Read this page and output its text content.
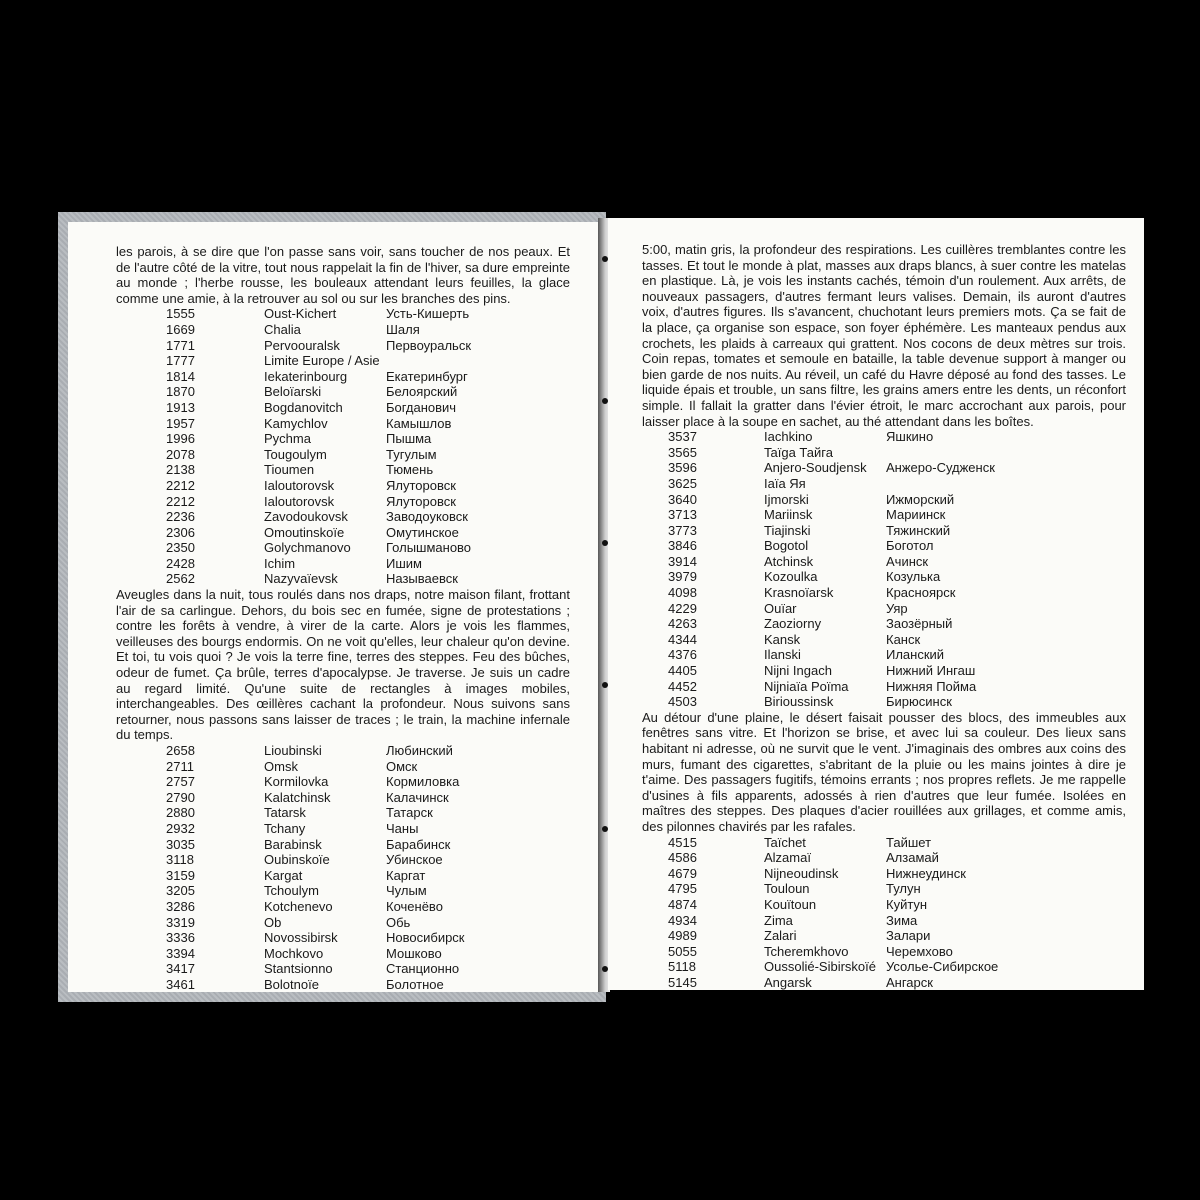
les parois, à se dire que l'on passe sans voir, sans toucher de nos peaux. Et de l'autre côté de la vitre, tout nous rappelait la fin de l'hiver, sa dure empreinte au monde ; l'herbe rousse, les bouleaux attendant leurs feuilles, la glace comme une amie, à la retrouver au sol ou sur les branches des pins.

1555	Oust-Kichert	Усть-Кишерть
1669	Chalia	Шаля
1771	Pervoouralsk	Первоуральск
1777	Limite Europe / Asie
1814	Iekaterinbourg	Екатеринбург
1870	Beloïarski	Белоярский
1913	Bogdanovitch	Богданович
1957	Kamychlov	Камышлов
1996	Pychma	Пышма
2078	Tougoulym	Тугулым
2138	Tioumen	Тюмень
2212	Ialoutorovsk	Ялуторовск
2212	Ialoutorovsk	Ялуторовск
2236	Zavodoukovsk	Заводоуковск
2306	Omoutinskoïe	Омутинское
2350	Golychmanovo	Голышманово
2428	Ichim	Ишим
2562	Nazyvaïevsk	Называевск

Aveugles dans la nuit, tous roulés dans nos draps, notre maison filant, frottant l'air de sa carlingue. Dehors, du bois sec en fumée, signe de protestations ; contre les forêts à vendre, à virer de la carte. Alors je vois les flammes, veilleuses des bourgs endormis. On ne voit qu'elles, leur chaleur qu'on devine. Et toi, tu vois quoi ? Je vois la terre fine, terres des steppes. Feu des bûches, odeur de fumet. Ça brûle, terres d'apocalypse. Je traverse. Je suis un cadre au regard limité. Qu'une suite de rectangles à images mobiles, interchangeables. Des œillères cachant la profondeur. Nous suivons sans retourner, nous passons sans laisser de traces ; le train, la machine infernale du temps.

2658	Lioubinski	Любинский
2711	Omsk	Омск
2757	Kormilovka	Кормиловка
2790	Kalatchinsk	Калачинск
2880	Tatarsk	Татарск
2932	Tchany	Чаны
3035	Barabinsk	Барабинск
3118	Oubinskoïe	Убинское
3159	Kargat	Каргат
3205	Tchoulym	Чулым
3286	Kotchenevo	Коченёво
3319	Ob	Обь
3336	Novossibirsk	Новосибирск
3394	Mochkovo	Мошково
3417	Stantsionno	Станционно
3461	Bolotnoïe	Болотное

5:00, matin gris, la profondeur des respirations. Les cuillères tremblantes contre les tasses. Et tout le monde à plat, masses aux draps blancs, à suer contre les matelas en plastique. Là, je vois les instants cachés, témoin d'un roulement. Aux arrêts, de nouveaux passagers, d'autres fermant leurs valises. Demain, ils auront d'autres voix, d'autres figures. Ils s'avancent, chuchotant leurs premiers mots. Ça se fait de la place, ça organise son espace, son foyer éphémère. Les manteaux pendus aux crochets, les plaids à carreaux qui grattent. Nos cocons de deux mètres sur trois. Coin repas, tomates et semoule en bataille, la table devenue support à manger ou bien garde de nos nuits. Au réveil, un café du Havre déposé au fond des tasses. Le liquide épais et trouble, un sans filtre, les grains amers entre les dents, un réconfort simple. Il fallait la gratter dans l'évier étroit, le marc accrochant aux parois, pour laisser place à la soupe en sachet, au thé attendant dans les boîtes.

3537	Iachkino	Яшкино
3565	Taïga Тайга
3596	Anjero-Soudjensk	Анжеро-Судженск
3625	Iaïa Яя
3640	Ijmorski	Ижморский
3713	Mariinsk	Мариинск
3773	Tiajinski	Тяжинский
3846	Bogotol	Боготол
3914	Atchinsk	Ачинск
3979	Kozoulka	Козулька
4098	Krasnoïarsk	Красноярск
4229	Ouïar	Уяр
4263	Zaoziorny	Заозёрный
4344	Kansk	Канск
4376	Ilanski	Иланский
4405	Nijni Ingach	Нижний Ингаш
4452	Nijniaïa Poïma	Нижняя Пойма
4503	Birioussinsk	Бирюсинск

Au détour d'une plaine, le désert faisait pousser des blocs, des immeubles aux fenêtres sans vitre. Et l'horizon se brise, et avec lui sa couleur. Des lieux sans habitant ni adresse, où ne survit que le vent. J'imaginais des ombres aux coins des murs, fumant des cigarettes, s'abritant de la pluie ou les mains jointes à dire je t'aime. Des passagers fugitifs, témoins errants ; nos propres reflets. Je me rappelle d'usines à fils apparents, adossés à rien d'autres que leur fumée. Isolées en maîtres des steppes. Des plaques d'acier rouillées aux grillages, et comme amis, des pilonnes chavirés par les rafales.

4515	Taïchet	Тайшет
4586	Alzamaï	Алзамай
4679	Nijneoudinsk	Нижнеудинск
4795	Touloun	Тулун
4874	Kouïtoun	Куйтун
4934	Zima	Зима
4989	Zalari	Залари
5055	Tcheremkhovo	Черемхово
5118	Oussolié-Sibirskoïé Усолье-Сибирское
5145	Angarsk	Ангарск
